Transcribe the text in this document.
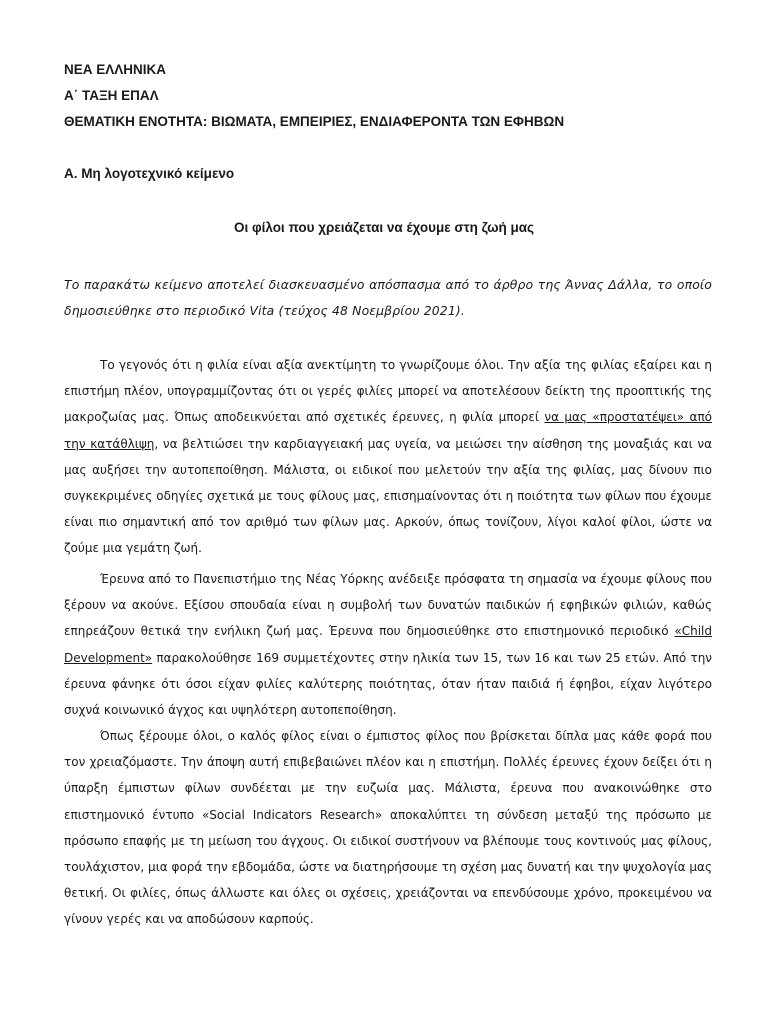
ΝΕΑ ΕΛΛΗΝΙΚΑ
Α΄ ΤΑΞΗ ΕΠΑΛ
ΘΕΜΑΤΙΚΗ ΕΝΟΤΗΤΑ: ΒΙΩΜΑΤΑ, ΕΜΠΕΙΡΙΕΣ, ΕΝΔΙΑΦΕΡΟΝΤΑ ΤΩΝ ΕΦΗΒΩΝ
Α. Μη λογοτεχνικό κείμενο
Οι φίλοι που χρειάζεται να έχουμε στη ζωή μας

Το παρακάτω κείμενο αποτελεί διασκευασμένο απόσπασμα από το άρθρο της Άννας Δάλλα, το οποίο δημοσιεύθηκε στο περιοδικό Vita (τεύχος 48 Νοεμβρίου 2021).

Το γεγονός ότι η φιλία είναι αξία ανεκτίμητη το γνωρίζουμε όλοι. Την αξία της φιλίας εξαίρει και η επιστήμη πλέον, υπογραμμίζοντας ότι οι γερές φιλίες μπορεί να αποτελέσουν δείκτη της προοπτικής της μακροζωίας μας. Όπως αποδεικνύεται από σχετικές έρευνες, η φιλία μπορεί να μας «προστατέψει» από την κατάθλιψη, να βελτιώσει την καρδιαγγειακή μας υγεία, να μειώσει την αίσθηση της μοναξιάς και να μας αυξήσει την αυτοπεποίθηση. Μάλιστα, οι ειδικοί που μελετούν την αξία της φιλίας, μας δίνουν πιο συγκεκριμένες οδηγίες σχετικά με τους φίλους μας, επισημαίνοντας ότι η ποιότητα των φίλων που έχουμε είναι πιο σημαντική από τον αριθμό των φίλων μας. Αρκούν, όπως τονίζουν, λίγοι καλοί φίλοι, ώστε να ζούμε μια γεμάτη ζωή.

Έρευνα από το Πανεπιστήμιο της Νέας Υόρκης ανέδειξε πρόσφατα τη σημασία να έχουμε φίλους που ξέρουν να ακούνε. Εξίσου σπουδαία είναι η συμβολή των δυνατών παιδικών ή εφηβικών φιλιών, καθώς επηρεάζουν θετικά την ενήλικη ζωή μας. Έρευνα που δημοσιεύθηκε στο επιστημονικό περιοδικό «Child Development» παρακολούθησε 169 συμμετέχοντες στην ηλικία των 15, των 16 και των 25 ετών. Από την έρευνα φάνηκε ότι όσοι είχαν φιλίες καλύτερης ποιότητας, όταν ήταν παιδιά ή έφηβοι, είχαν λιγότερο συχνά κοινωνικό άγχος και υψηλότερη αυτοπεποίθηση.

Όπως ξέρουμε όλοι, ο καλός φίλος είναι ο έμπιστος φίλος που βρίσκεται δίπλα μας κάθε φορά που τον χρειαζόμαστε. Την άποψη αυτή επιβεβαιώνει πλέον και η επιστήμη. Πολλές έρευνες έχουν δείξει ότι η ύπαρξη έμπιστων φίλων συνδέεται με την ευζωία μας. Μάλιστα, έρευνα που ανακοινώθηκε στο επιστημονικό έντυπο «Social Indicators Research» αποκαλύπτει τη σύνδεση μεταξύ της πρόσωπο με πρόσωπο επαφής με τη μείωση του άγχους. Οι ειδικοί συστήνουν να βλέπουμε τους κοντινούς μας φίλους, τουλάχιστον, μια φορά την εβδομάδα, ώστε να διατηρήσουμε τη σχέση μας δυνατή και την ψυχολογία μας θετική. Οι φιλίες, όπως άλλωστε και όλες οι σχέσεις, χρειάζονται να επενδύσουμε χρόνο, προκειμένου να γίνουν γερές και να αποδώσουν καρπούς.
